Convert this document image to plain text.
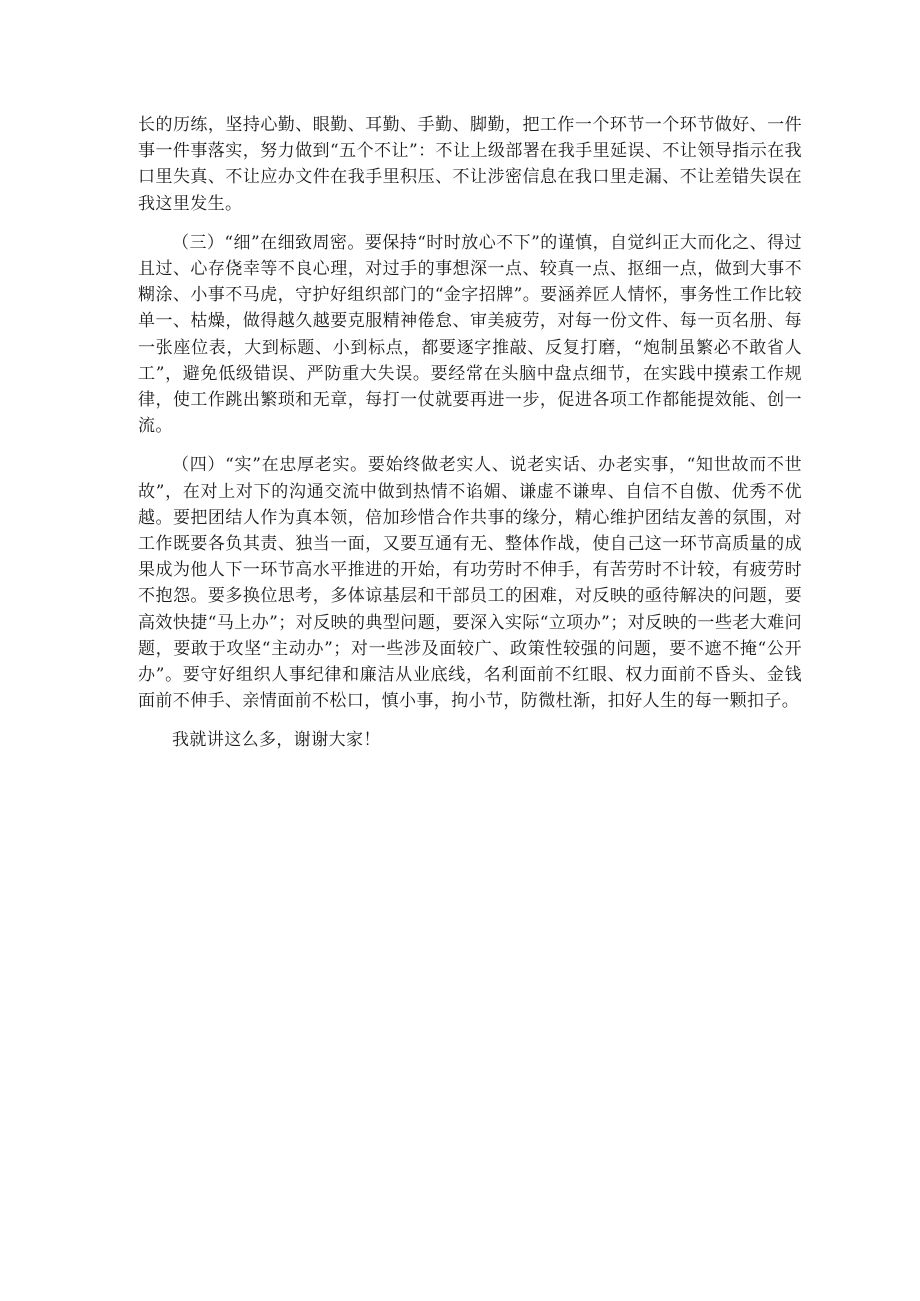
长的历练，坚持心勤、眼勤、耳勤、手勤、脚勤，把工作一个环节一个环节做好、一件事一件事落实，努力做到“五个不让”：不让上级部署在我手里延误、不让领导指示在我口里失真、不让应办文件在我手里积压、不让涉密信息在我口里走漏、不让差错失误在我这里发生。

（三）“细”在细致周密。要保持“时时放心不下”的谨慎，自觉纠正大而化之、得过且过、心存侥幸等不良心理，对过手的事想深一点、较真一点、抠细一点，做到大事不糊涂、小事不马虎，守护好组织部门的“金字招牌”。要涵养匠人情怀，事务性工作比较单一、枯燥，做得越久越要克服精神倦怠、审美疲劳，对每一份文件、每一页名册、每一张座位表，大到标题、小到标点，都要逐字推敲、反复打磨，“炮制虽繁必不敢省人工”，避免低级错误、严防重大失误。要经常在头脑中盘点细节，在实践中摸索工作规律，使工作跳出繁琐和无章，每打一仗就要再进一步，促进各项工作都能提效能、创一流。

（四）“实”在忠厚老实。要始终做老实人、说老实话、办老实事，“知世故而不世故”，在对上对下的沟通交流中做到热情不谄媚、谦虚不谦卑、自信不自傲、优秀不优越。要把团结人作为真本领，倍加珍惜合作共事的缘分，精心维护团结友善的氛围，对工作既要各负其责、独当一面，又要互通有无、整体作战，使自己这一环节高质量的成果成为他人下一环节高水平推进的开始，有功劳时不伸手，有苦劳时不计较，有疲劳时不抱怨。要多换位思考，多体谅基层和干部员工的困难，对反映的亟待解决的问题，要高效快捷“马上办”；对反映的典型问题，要深入实际“立项办”；对反映的一些老大难问题，要敢于攻坚“主动办”；对一些涉及面较广、政策性较强的问题，要不遮不掩“公开办”。要守好组织人事纪律和廉洁从业底线，名利面前不红眼、权力面前不昏头、金钱面前不伸手、亲情面前不松口，慎小事，拘小节，防微杜渐，扣好人生的每一颗扣子。

我就讲这么多，谢谢大家！
